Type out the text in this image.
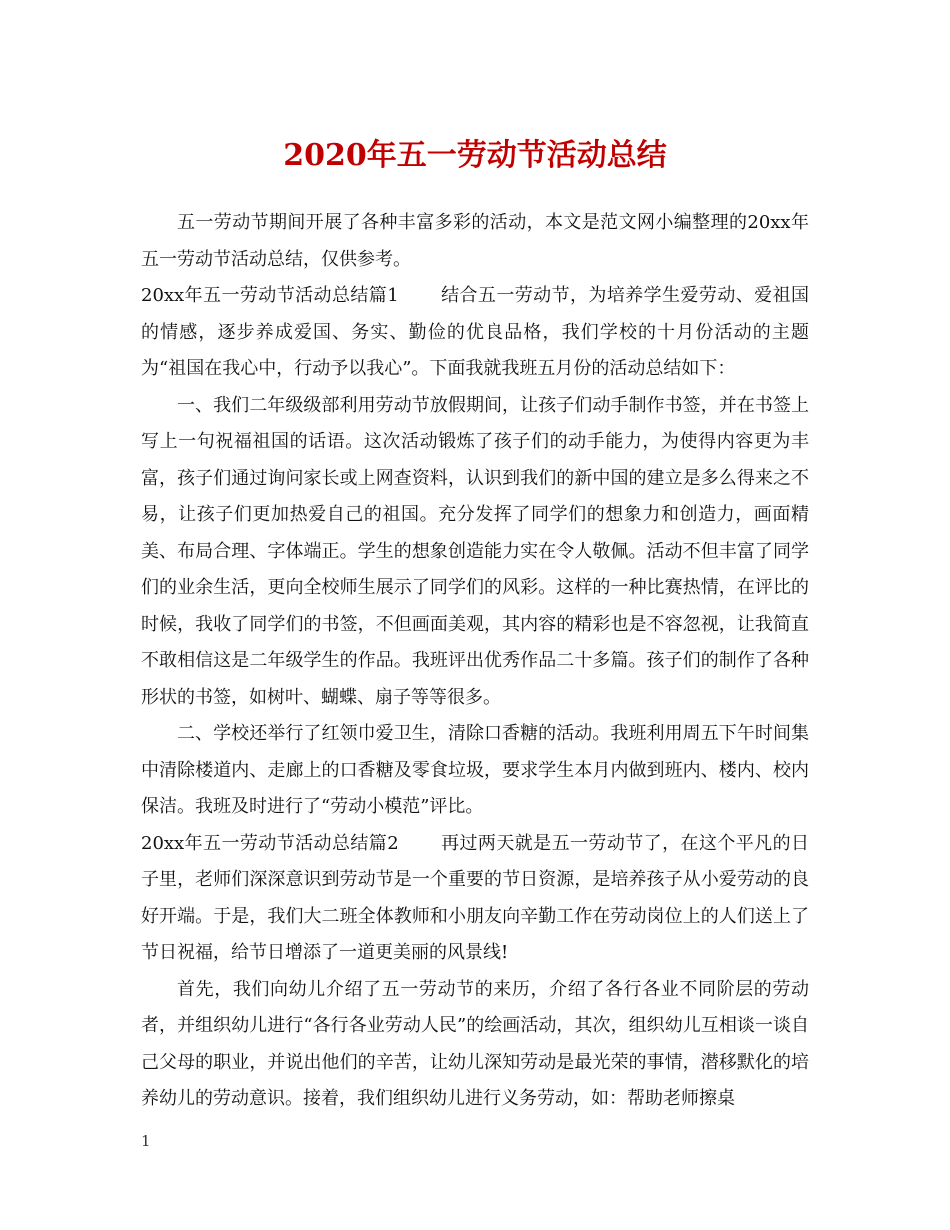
2020年五一劳动节活动总结

五一劳动节期间开展了各种丰富多彩的活动，本文是范文网小编整理的20xx年五一劳动节活动总结，仅供参考。

20xx年五一劳动节活动总结篇1 结合五一劳动节，为培养学生爱劳动、爱祖国的情感，逐步养成爱国、务实、勤俭的优良品格，我们学校的十月份活动的主题为“祖国在我心中，行动予以我心”。下面我就我班五月份的活动总结如下：

一、我们二年级级部利用劳动节放假期间，让孩子们动手制作书签，并在书签上写上一句祝福祖国的话语。这次活动锻炼了孩子们的动手能力，为使得内容更为丰富，孩子们通过询问家长或上网查资料，认识到我们的新中国的建立是多么得来之不易，让孩子们更加热爱自己的祖国。充分发挥了同学们的想象力和创造力，画面精美、布局合理、字体端正。学生的想象创造能力实在令人敬佩。活动不但丰富了同学们的业余生活，更向全校师生展示了同学们的风彩。这样的一种比赛热情，在评比的时候，我收了同学们的书签，不但画面美观，其内容的精彩也是不容忽视，让我简直不敢相信这是二年级学生的作品。我班评出优秀作品二十多篇。孩子们的制作了各种形状的书签，如树叶、蝴蝶、扇子等等很多。

二、学校还举行了红领巾爱卫生，清除口香糖的活动。我班利用周五下午时间集中清除楼道内、走廊上的口香糖及零食垃圾，要求学生本月内做到班内、楼内、校内保洁。我班及时进行了“劳动小模范”评比。

20xx年五一劳动节活动总结篇2 再过两天就是五一劳动节了，在这个平凡的日子里，老师们深深意识到劳动节是一个重要的节日资源，是培养孩子从小爱劳动的良好开端。于是，我们大二班全体教师和小朋友向辛勤工作在劳动岗位上的人们送上了节日祝福，给节日增添了一道更美丽的风景线!

首先，我们向幼儿介绍了五一劳动节的来历，介绍了各行各业不同阶层的劳动者，并组织幼儿进行“各行各业劳动人民”的绘画活动，其次，组织幼儿互相谈一谈自己父母的职业，并说出他们的辛苦，让幼儿深知劳动是最光荣的事情，潜移默化的培养幼儿的劳动意识。接着，我们组织幼儿进行义务劳动，如：帮助老师擦桌

1
